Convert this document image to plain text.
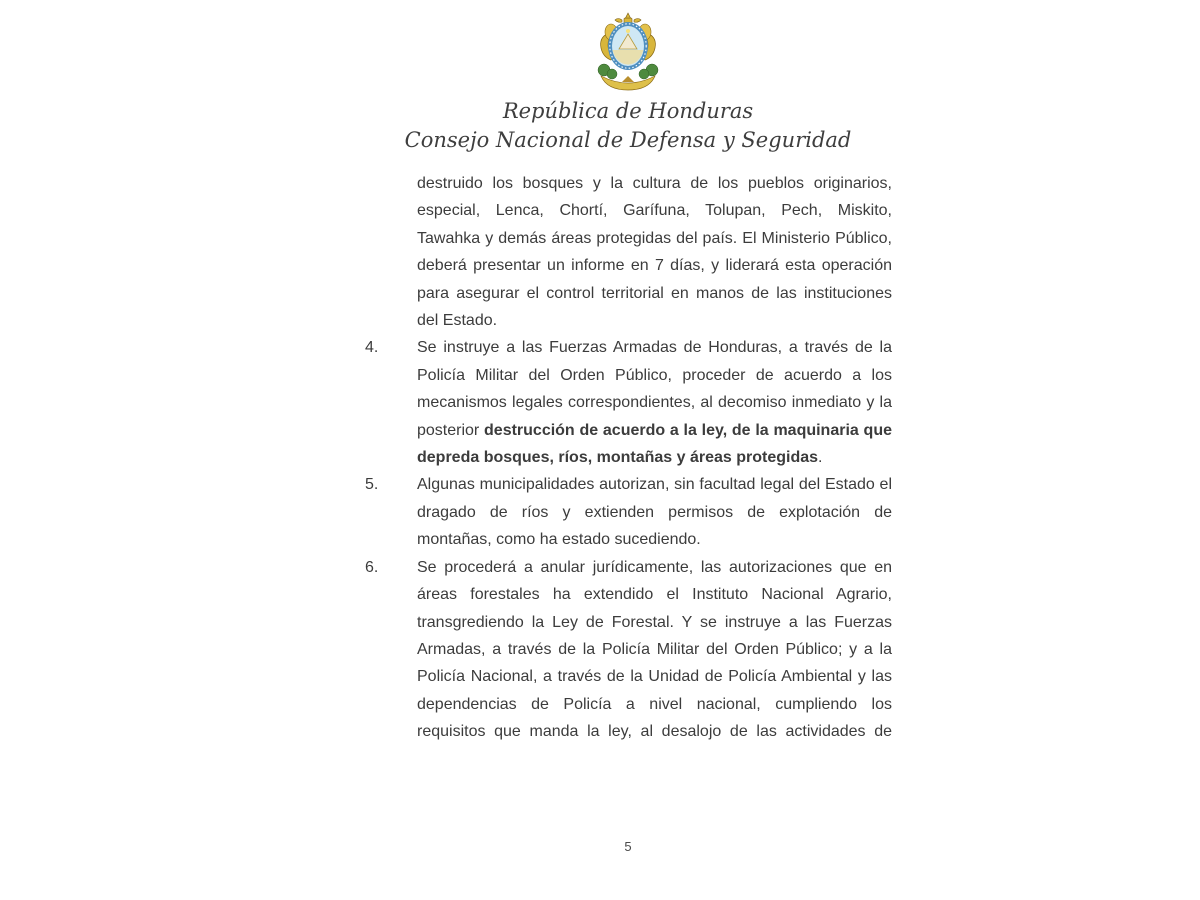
República de Honduras
Consejo Nacional de Defensa y Seguridad

destruido los bosques y la cultura de los pueblos originarios, especial, Lenca, Chortí, Garífuna, Tolupan, Pech, Miskito, Tawahka y demás áreas protegidas del país. El Ministerio Público, deberá presentar un informe en 7 días, y liderará esta operación para asegurar el control territorial en manos de las instituciones del Estado.

4.	Se instruye a las Fuerzas Armadas de Honduras, a través de la Policía Militar del Orden Público, proceder de acuerdo a los mecanismos legales correspondientes, al decomiso inmediato y la posterior destrucción de acuerdo a la ley, de la maquinaria que depreda bosques, ríos, montañas y áreas protegidas.
5.	Algunas municipalidades autorizan, sin facultad legal del Estado el dragado de ríos y extienden permisos de explotación de montañas, como ha estado sucediendo.
6.	Se procederá a anular jurídicamente, las autorizaciones que en áreas forestales ha extendido el Instituto Nacional Agrario, transgrediendo la Ley de Forestal. Y se instruye a las Fuerzas Armadas, a través de la Policía Militar del Orden Público; y a la Policía Nacional, a través de la Unidad de Policía Ambiental y las dependencias de Policía a nivel nacional, cumpliendo los requisitos que manda la ley, al desalojo de las actividades de
5
